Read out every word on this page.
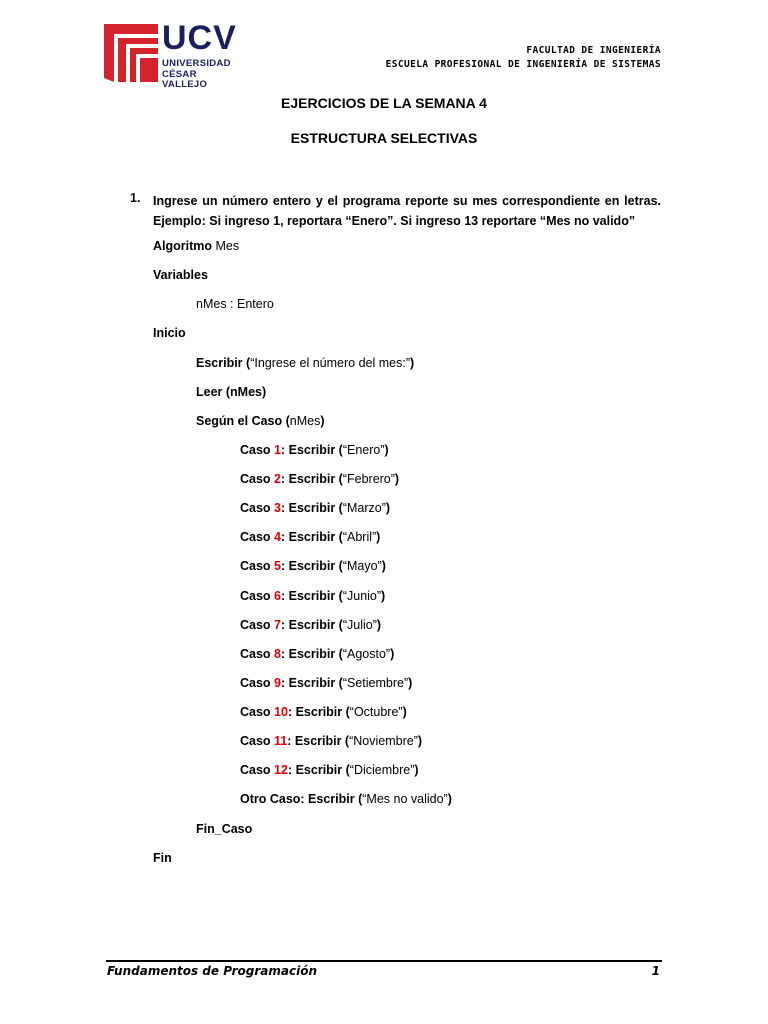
UCV
UNIVERSIDAD
CÉSAR VALLEJO
FACULTAD DE INGENIERÍA
ESCUELA PROFESIONAL DE INGENIERÍA DE SISTEMAS
EJERCICIOS DE LA SEMANA 4
ESTRUCTURA SELECTIVAS
1. Ingrese un número entero y el programa reporte su mes correspondiente en letras. Ejemplo: Si ingreso 1, reportara “Enero”. Si ingreso 13 reportare “Mes no valido”
Algoritmo Mes
Variables
nMes : Entero
Inicio
Escribir (“Ingrese el número del mes:”)
Leer (nMes)
Según el Caso (nMes)
Caso 1: Escribir (“Enero”)
Caso 2: Escribir (“Febrero”)
Caso 3: Escribir (“Marzo”)
Caso 4: Escribir (“Abril”)
Caso 5: Escribir (“Mayo”)
Caso 6: Escribir (“Junio”)
Caso 7: Escribir (“Julio”)
Caso 8: Escribir (“Agosto”)
Caso 9: Escribir (“Setiembre”)
Caso 10: Escribir (“Octubre”)
Caso 11: Escribir (“Noviembre”)
Caso 12: Escribir (“Diciembre”)
Otro Caso: Escribir (“Mes no valido”)
Fin_Caso
Fin
Fundamentos de Programación	1
